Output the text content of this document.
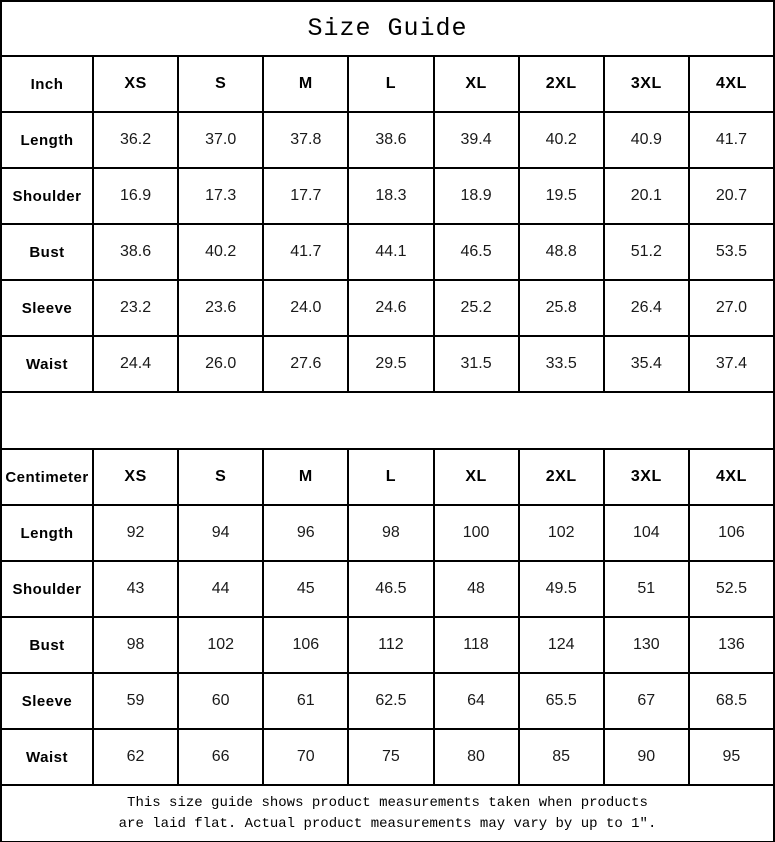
Size Guide
Inch	XS	S	M	L	XL	2XL	3XL	4XL
Length	36.2	37.0	37.8	38.6	39.4	40.2	40.9	41.7
Shoulder	16.9	17.3	17.7	18.3	18.9	19.5	20.1	20.7
Bust	38.6	40.2	41.7	44.1	46.5	48.8	51.2	53.5
Sleeve	23.2	23.6	24.0	24.6	25.2	25.8	26.4	27.0
Waist	24.4	26.0	27.6	29.5	31.5	33.5	35.4	37.4
Centimeter	XS	S	M	L	XL	2XL	3XL	4XL
Length	92	94	96	98	100	102	104	106
Shoulder	43	44	45	46.5	48	49.5	51	52.5
Bust	98	102	106	112	118	124	130	136
Sleeve	59	60	61	62.5	64	65.5	67	68.5
Waist	62	66	70	75	80	85	90	95
This size guide shows product measurements taken when products
are laid flat. Actual product measurements may vary by up to 1″.
